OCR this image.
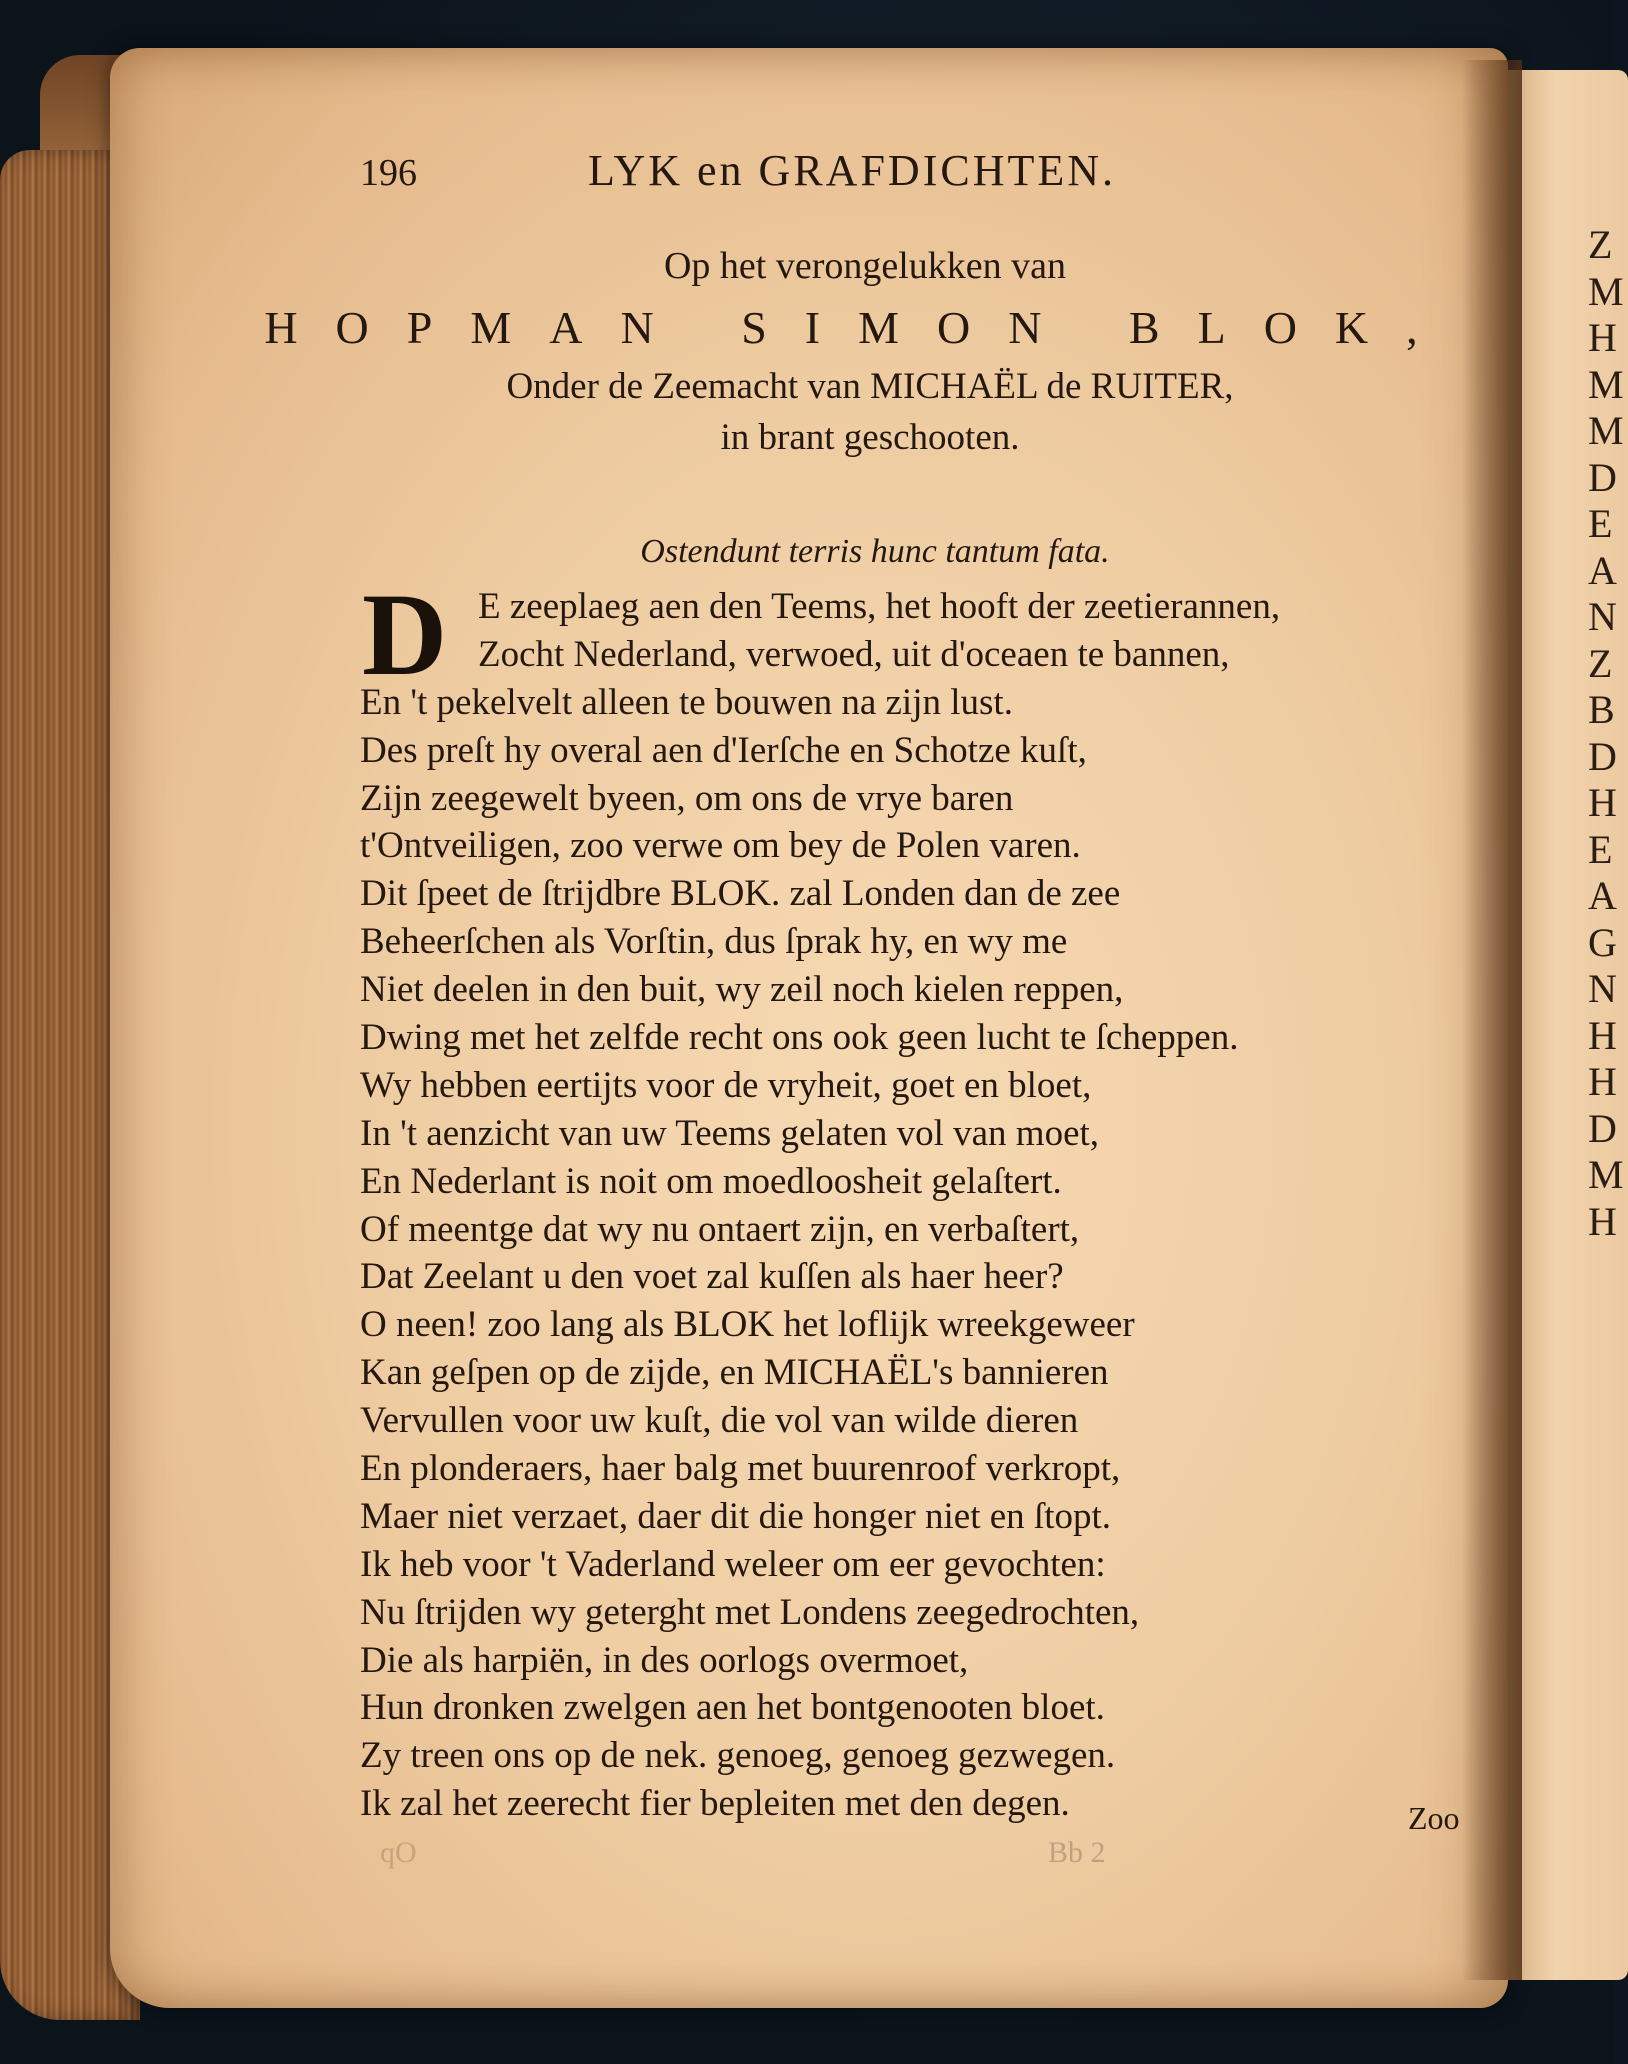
Z
M
H
M
M
D
E
A
N
Z
B
D
H
E
A
G
N
H
H
D
M
H
196	LYK en GRAFDICHTEN.
Op het verongelukken van
HOPMAN SIMON BLOK,
Onder de Zeemacht van MICHAËL de RUITER,
in brant geschooten.
Ostendunt terris hunc tantum fata.
D E zeeplaeg aen den Teems, het hooft der zeetierannen,
Zocht Nederland, verwoed, uit d'oceaen te bannen,
En 't pekelvelt alleen te bouwen na zijn lust.
Des preſt hy overal aen d'Ierſche en Schotze kuſt,
Zijn zeegewelt byeen, om ons de vrye baren
t'Ontveiligen, zoo verwe om bey de Polen varen.
Dit ſpeet de ſtrijdbre BLOK. zal Londen dan de zee
Beheerſchen als Vorſtin, dus ſprak hy, en wy me
Niet deelen in den buit, wy zeil noch kielen reppen,
Dwing met het zelfde recht ons ook geen lucht te ſcheppen.
Wy hebben eertijts voor de vryheit, goet en bloet,
In 't aenzicht van uw Teems gelaten vol van moet,
En Nederlant is noit om moedloosheit gelaſtert.
Of meentge dat wy nu ontaert zijn, en verbaſtert,
Dat Zeelant u den voet zal kuſſen als haer heer?
O neen! zoo lang als BLOK het loflijk wreekgeweer
Kan geſpen op de zijde, en MICHAËL's bannieren
Vervullen voor uw kuſt, die vol van wilde dieren
En plonderaers, haer balg met buurenroof verkropt,
Maer niet verzaet, daer dit die honger niet en ſtopt.
Ik heb voor 't Vaderland weleer om eer gevochten:
Nu ſtrijden wy geterght met Londens zeegedrochten,
Die als harpiën, in des oorlogs overmoet,
Hun dronken zwelgen aen het bontgenooten bloet.
Zy treen ons op de nek. genoeg, genoeg gezwegen.
Ik zal het zeerecht fier bepleiten met den degen.	Zoo
Bb 2
Op
